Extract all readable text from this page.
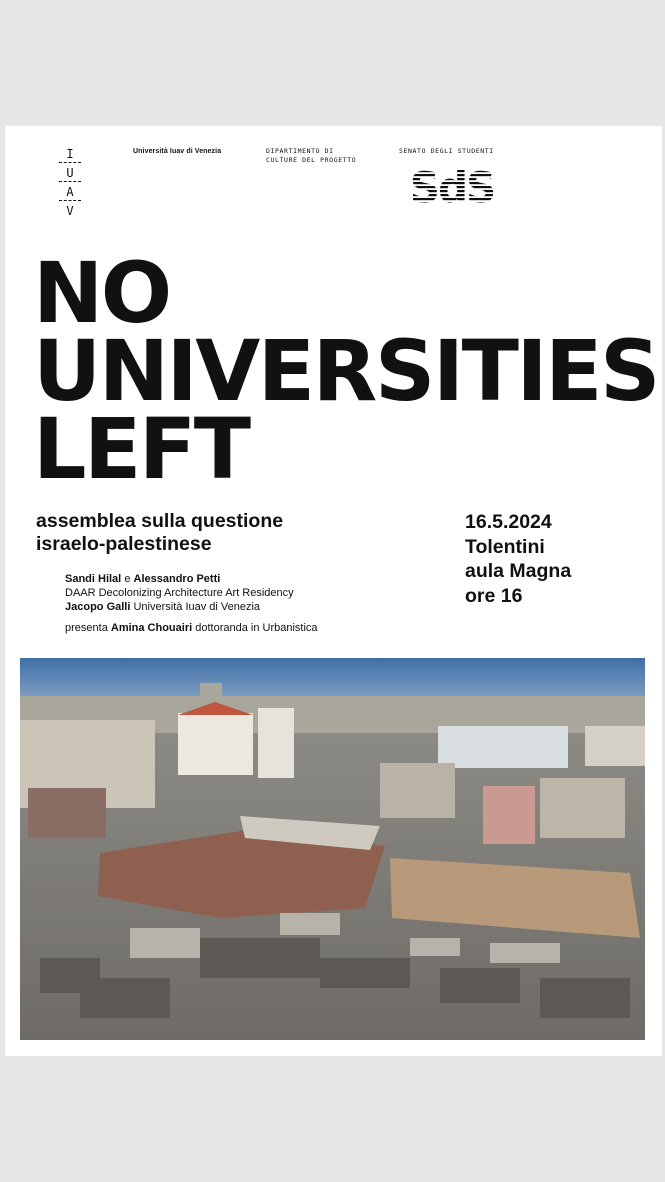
I
U
A
V
Università Iuav di Venezia	DIPARTIMENTO DI
CULTURE DEL PROGETTO
SENATO DEGLI STUDENTI
NO
UNIVERSITIES
LEFT
assemblea sulla questione
israelo-palestinese
16.5.2024
Tolentini
aula Magna
ore 16
Sandi Hilal e Alessandro Petti
DAAR Decolonizing Architecture Art Residency
Jacopo Galli Università Iuav di Venezia
presenta Amina Chouairi dottoranda in Urbanistica
